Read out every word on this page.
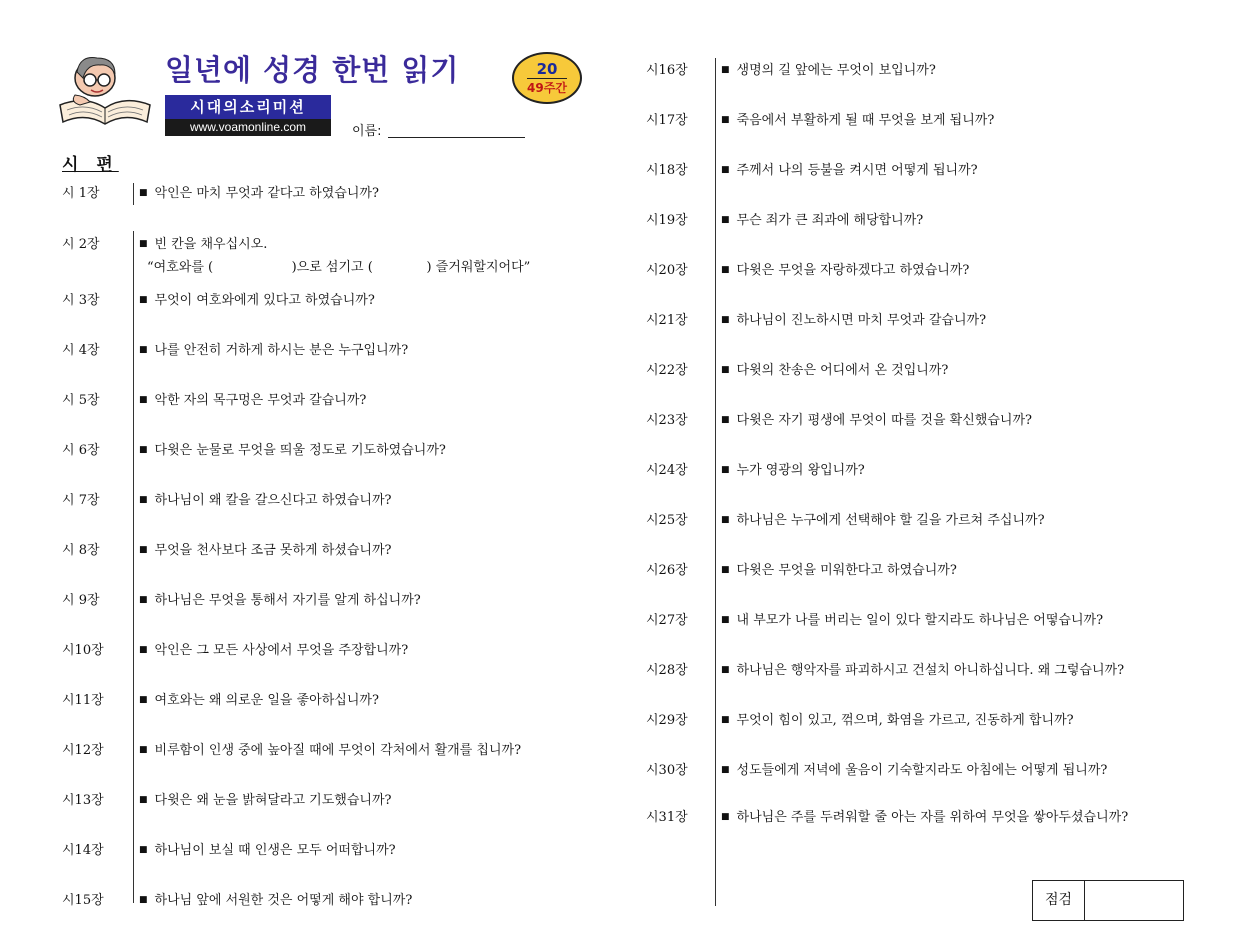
일년에 성경 한번 읽기	20
49주간
시대의소리미션
www.voamonline.com	이름:
시 편
시 1장	■ 악인은 마치 무엇과 같다고 하였습니까?
시 2장	■ 빈 칸을 채우십시오.
“여호와를 (                   )으로 섬기고 (             ) 즐거워할지어다”
시 3장	■ 무엇이 여호와에게 있다고 하였습니까?
시 4장	■ 나를 안전히 거하게 하시는 분은 누구입니까?
시 5장	■ 악한 자의 목구멍은 무엇과 갈습니까?
시 6장	■ 다윗은 눈물로 무엇을 띄울 정도로 기도하였습니까?
시 7장	■ 하나님이 왜 칼을 갈으신다고 하였습니까?
시 8장	■ 무엇을 천사보다 조금 못하게 하셨습니까?
시 9장	■ 하나님은 무엇을 통해서 자기를 알게 하십니까?
시10장	■ 악인은 그 모든 사상에서 무엇을 주장합니까?
시11장	■ 여호와는 왜 의로운 일을 좋아하십니까?
시12장	■ 비루함이 인생 중에 높아질 때에 무엇이 각처에서 활개를 칩니까?
시13장	■ 다윗은 왜 눈을 밝혀달라고 기도했습니까?
시14장	■ 하나님이 보실 때 인생은 모두 어떠합니까?
시15장	■ 하나님 앞에 서원한 것은 어떻게 해야 합니까?
시16장	■ 생명의 길 앞에는 무엇이 보입니까?
시17장	■ 죽음에서 부활하게 될 때 무엇을 보게 됩니까?
시18장	■ 주께서 나의 등불을 켜시면 어떻게 됩니까?
시19장	■ 무슨 죄가 큰 죄과에 해당합니까?
시20장	■ 다윗은 무엇을 자랑하겠다고 하였습니까?
시21장	■ 하나님이 진노하시면 마치 무엇과 갈습니까?
시22장	■ 다윗의 찬송은 어디에서 온 것입니까?
시23장	■ 다윗은 자기 평생에 무엇이 따를 것을 확신했습니까?
시24장	■ 누가 영광의 왕입니까?
시25장	■ 하나님은 누구에게 선택해야 할 길을 가르쳐 주십니까?
시26장	■ 다윗은 무엇을 미워한다고 하였습니까?
시27장	■ 내 부모가 나를 버리는 일이 있다 할지라도 하나님은 어떻습니까?
시28장	■ 하나님은 행악자를 파괴하시고 건설치 아니하십니다. 왜 그렇습니까?
시29장	■ 무엇이 힘이 있고, 꺾으며, 화염을 가르고, 진동하게 합니까?
시30장	■ 성도들에게 저녁에 울음이 기숙할지라도 아침에는 어떻게 됩니까?
시31장	■ 하나님은 주를 두려워할 줄 아는 자를 위하여 무엇을 쌓아두셨습니까?
점검
